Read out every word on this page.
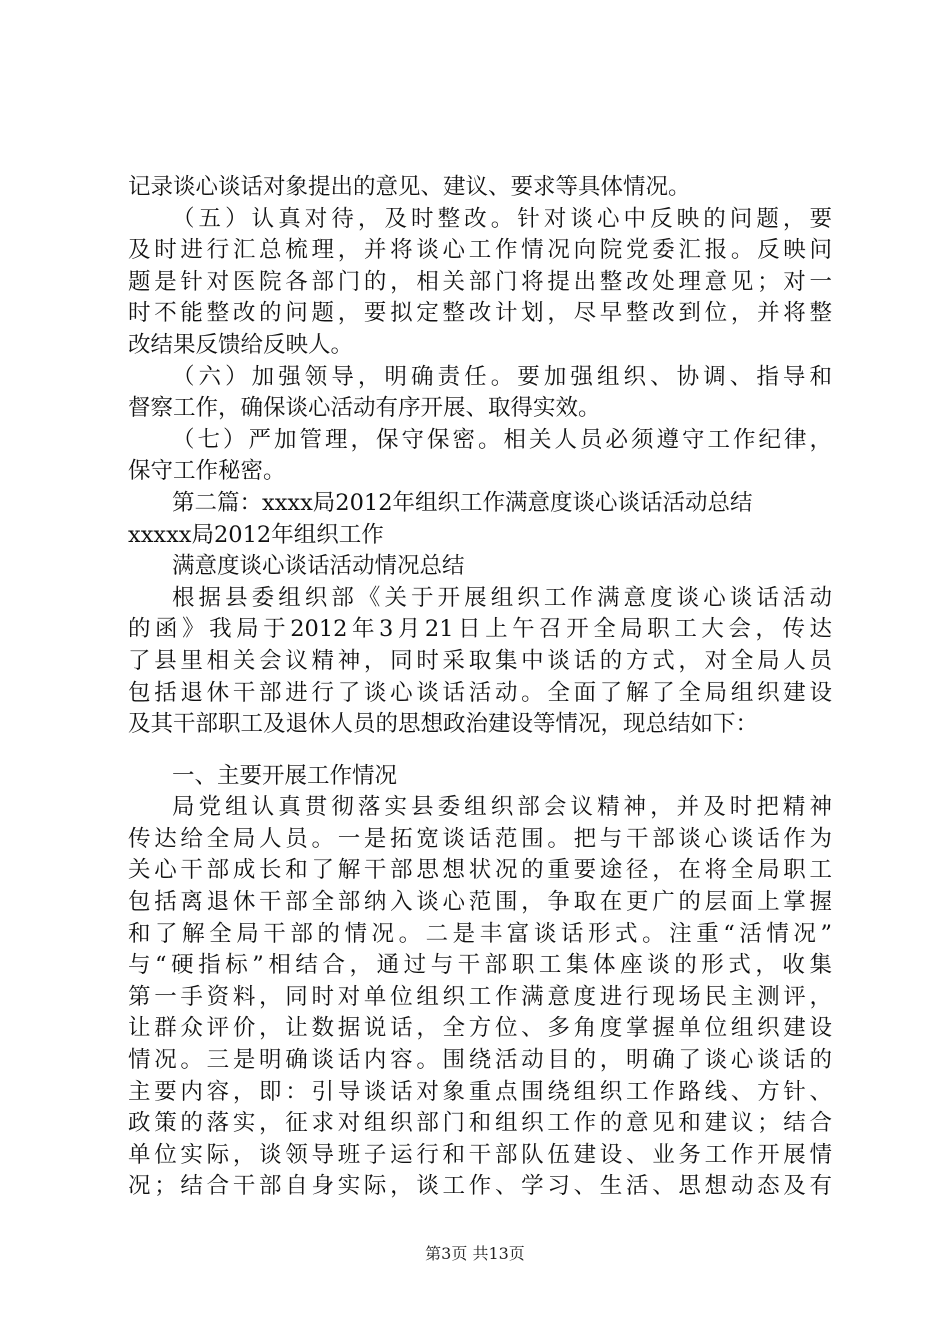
记录谈心谈话对象提出的意见、建议、要求等具体情况。
（五）认真对待，及时整改。针对谈心中反映的问题，要
及时进行汇总梳理，并将谈心工作情况向院党委汇报。反映问
题是针对医院各部门的，相关部门将提出整改处理意见；对一
时不能整改的问题，要拟定整改计划，尽早整改到位，并将整
改结果反馈给反映人。
（六）加强领导，明确责任。要加强组织、协调、指导和
督察工作，确保谈心活动有序开展、取得实效。
（七）严加管理，保守保密。相关人员必须遵守工作纪律，
保守工作秘密。
第二篇：xxxx局2012年组织工作满意度谈心谈话活动总结
xxxxx局2012年组织工作
满意度谈心谈话活动情况总结
根据县委组织部《关于开展组织工作满意度谈心谈话活动
的函》我局于2012年3月21日上午召开全局职工大会，传达
了县里相关会议精神，同时采取集中谈话的方式，对全局人员
包括退休干部进行了谈心谈话活动。全面了解了全局组织建设
及其干部职工及退休人员的思想政治建设等情况，现总结如下：
一、主要开展工作情况
局党组认真贯彻落实县委组织部会议精神，并及时把精神
传达给全局人员。一是拓宽谈话范围。把与干部谈心谈话作为
关心干部成长和了解干部思想状况的重要途径，在将全局职工
包括离退休干部全部纳入谈心范围，争取在更广的层面上掌握
和了解全局干部的情况。二是丰富谈话形式。注重“活情况”
与“硬指标”相结合，通过与干部职工集体座谈的形式，收集
第一手资料，同时对单位组织工作满意度进行现场民主测评，
让群众评价，让数据说话，全方位、多角度掌握单位组织建设
情况。三是明确谈话内容。围绕活动目的，明确了谈心谈话的
主要内容，即：引导谈话对象重点围绕组织工作路线、方针、
政策的落实，征求对组织部门和组织工作的意见和建议；结合
单位实际，谈领导班子运行和干部队伍建设、业务工作开展情
况；结合干部自身实际，谈工作、学习、生活、思想动态及有
第3页 共13页
